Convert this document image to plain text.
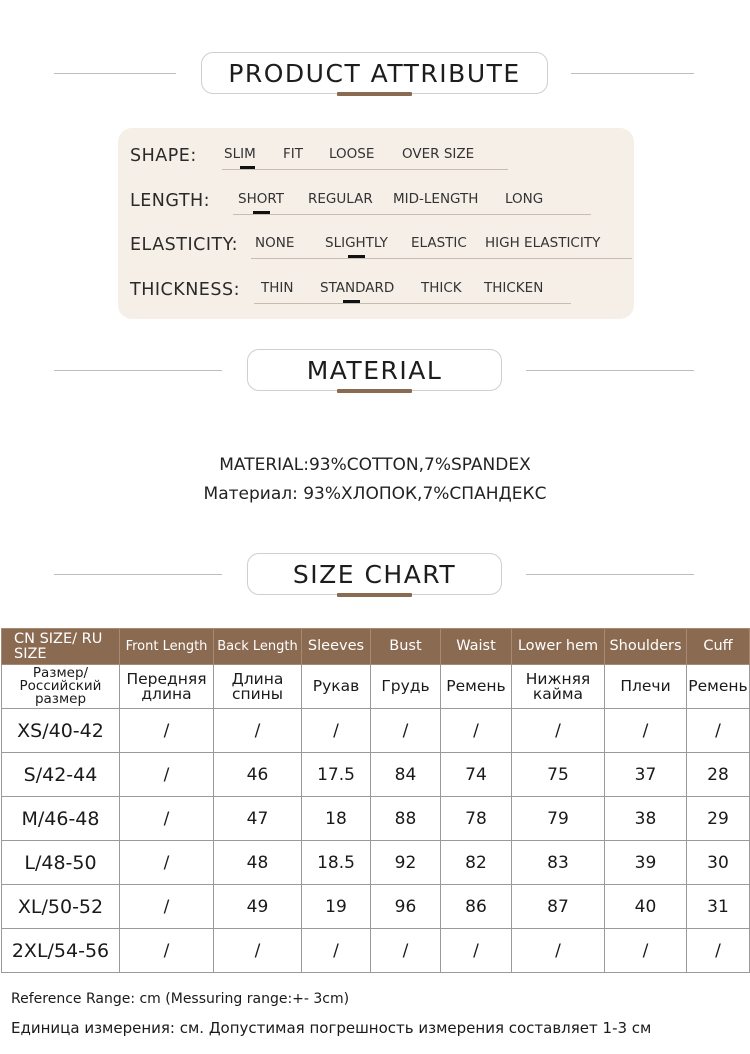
PRODUCT ATTRIBUTE
SHAPE: SLIM FIT LOOSE OVER SIZE
LENGTH: SHORT REGULAR MID-LENGTH LONG
ELASTICITY: NONE SLIGHTLY ELASTIC HIGH ELASTICITY
THICKNESS: THIN STANDARD THICK THICKEN
MATERIAL
MATERIAL:93%COTTON,7%SPANDEX
Материал: 93%ХЛОПОК,7%СПАНДЕКС
SIZE CHART
CN SIZE/ RU SIZE	Front Length	Back Length	Sleeves	Bust	Waist	Lower hem	Shoulders	Cuff
Размер/ Российский размер	Передняя длина	Длина спины	Рукав	Грудь	Ремень	Нижняя кайма	Плечи	Ремень
XS/40-42	/	/	/	/	/	/	/	/
S/42-44	/	46	17.5	84	74	75	37	28
M/46-48	/	47	18	88	78	79	38	29
L/48-50	/	48	18.5	92	82	83	39	30
XL/50-52	/	49	19	96	86	87	40	31
2XL/54-56	/	/	/	/	/	/	/	/
Reference Range: cm (Messuring range:+- 3cm)
Единица измерения: см. Допустимая погрешность измерения составляет 1-3 см
